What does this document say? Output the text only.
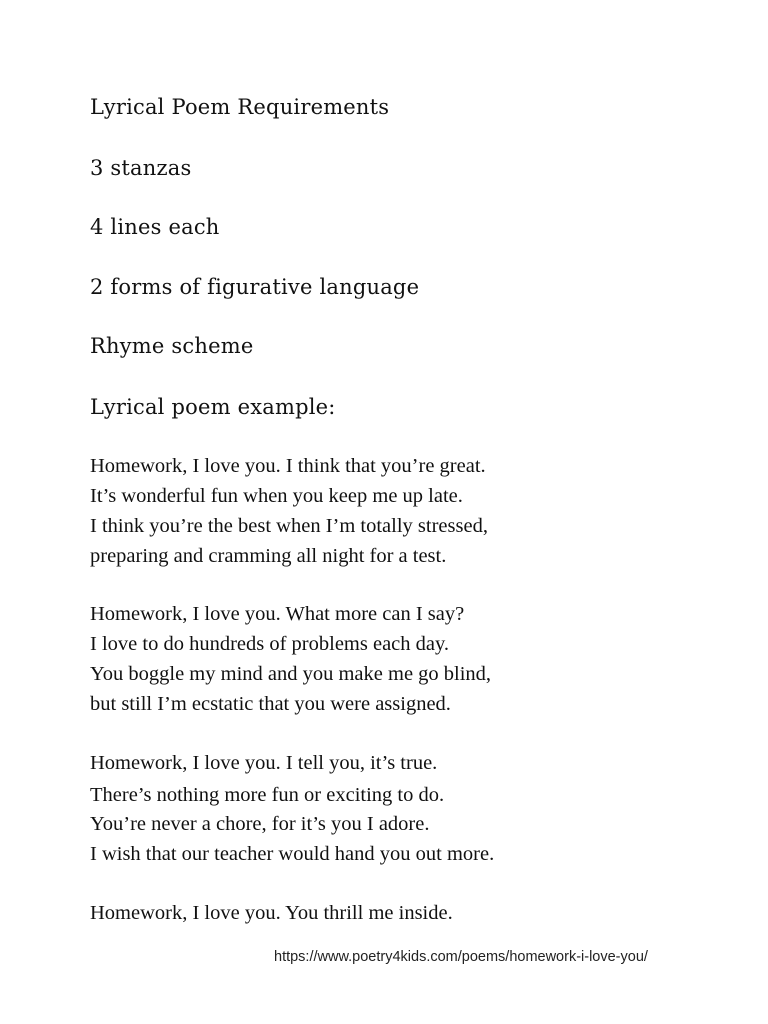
Lyrical Poem Requirements
3 stanzas
4 lines each
2 forms of figurative language
Rhyme scheme
Lyrical poem example:
Homework, I love you. I think that you’re great.
It’s wonderful fun when you keep me up late.
I think you’re the best when I’m totally stressed,
preparing and cramming all night for a test.
Homework, I love you. What more can I say?
I love to do hundreds of problems each day.
You boggle my mind and you make me go blind,
but still I’m ecstatic that you were assigned.
Homework, I love you. I tell you, it’s true.
There’s nothing more fun or exciting to do.
You’re never a chore, for it’s you I adore.
I wish that our teacher would hand you out more.
Homework, I love you. You thrill me inside.
https://www.poetry4kids.com/poems/homework-i-love-you/
